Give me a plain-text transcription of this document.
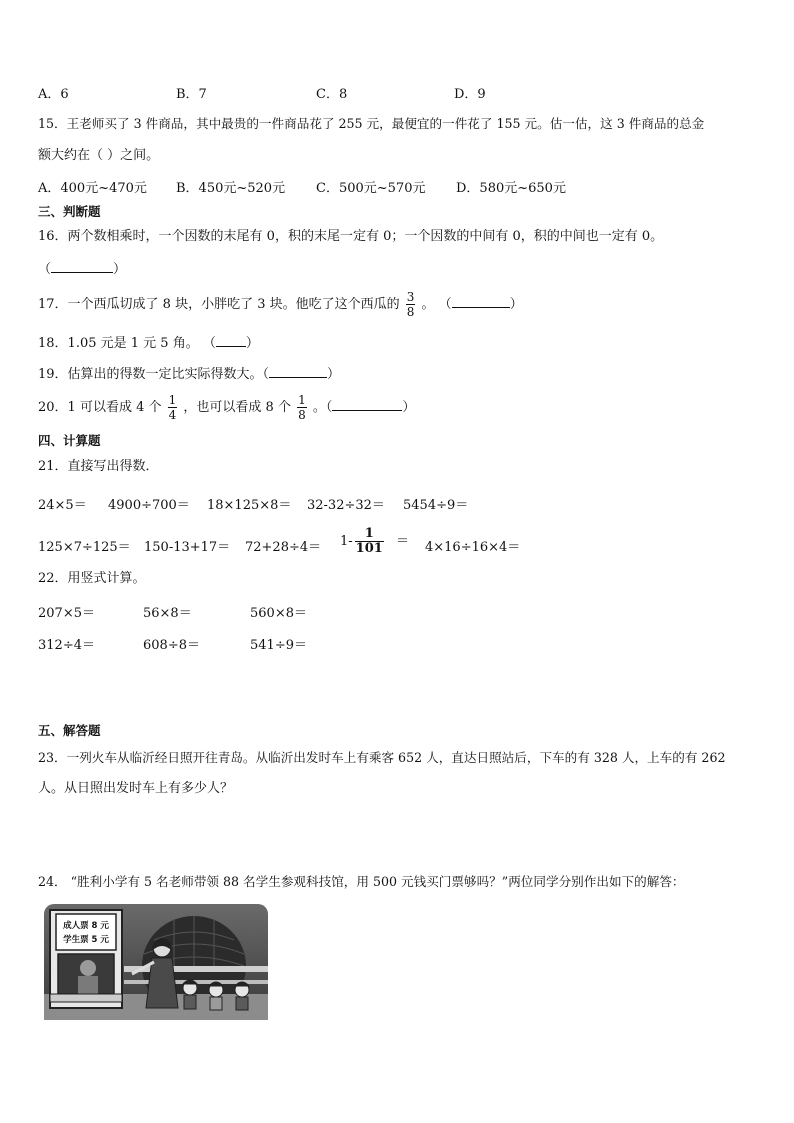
A．6	B．7	C．8	D．9
15．王老师买了 3 件商品，其中最贵的一件商品花了 255 元，最便宜的一件花了 155 元。估一估，这 3 件商品的总金
额大约在（ ）之间。
A．400元~470元 B．450元~520元 C．500元~570元 D．580元~650元
三、判断题
16．两个数相乘时，一个因数的末尾有 0，积的末尾一定有 0；一个因数的中间有 0，积的中间也一定有 0。
（	）
17．一个西瓜切成了 8 块，小胖吃了 3 块。他吃了这个西瓜的 $\frac{3}{8}$ 。 （	）
18．1.05 元是 1 元 5 角。 （ ）
19．估算出的得数一定比实际得数大。（	）
20．1 可以看成 4 个 $\frac{1}{4}$ ，也可以看成 8 个 $\frac{1}{8}$ 。（	）
四、计算题
21．直接写出得数．
24×5＝ 4900÷700＝ 18×125×8＝ 32-32÷32＝ 5454÷9＝
$125\times 7\div 125= 150-13+17= 72+28\div 4= 1- \frac{1}{101} = 4\times 16\div 16\times 4=$
22．用竖式计算。
207×5＝	56×8＝	560×8＝
312÷4＝	608÷8＝	541÷9＝
五、解答题
23．一列火车从临沂经日照开往青岛。从临沂出发时车上有乘客 652 人，直达日照站后，下车的有 328 人，上车的有 262
人。从日照出发时车上有多少人？
24． “胜利小学有 5 名老师带领 88 名学生参观科技馆，用 500 元钱买门票够吗？”两位同学分别作出如下的解答：
成人票 8 元
学生票 5 元
